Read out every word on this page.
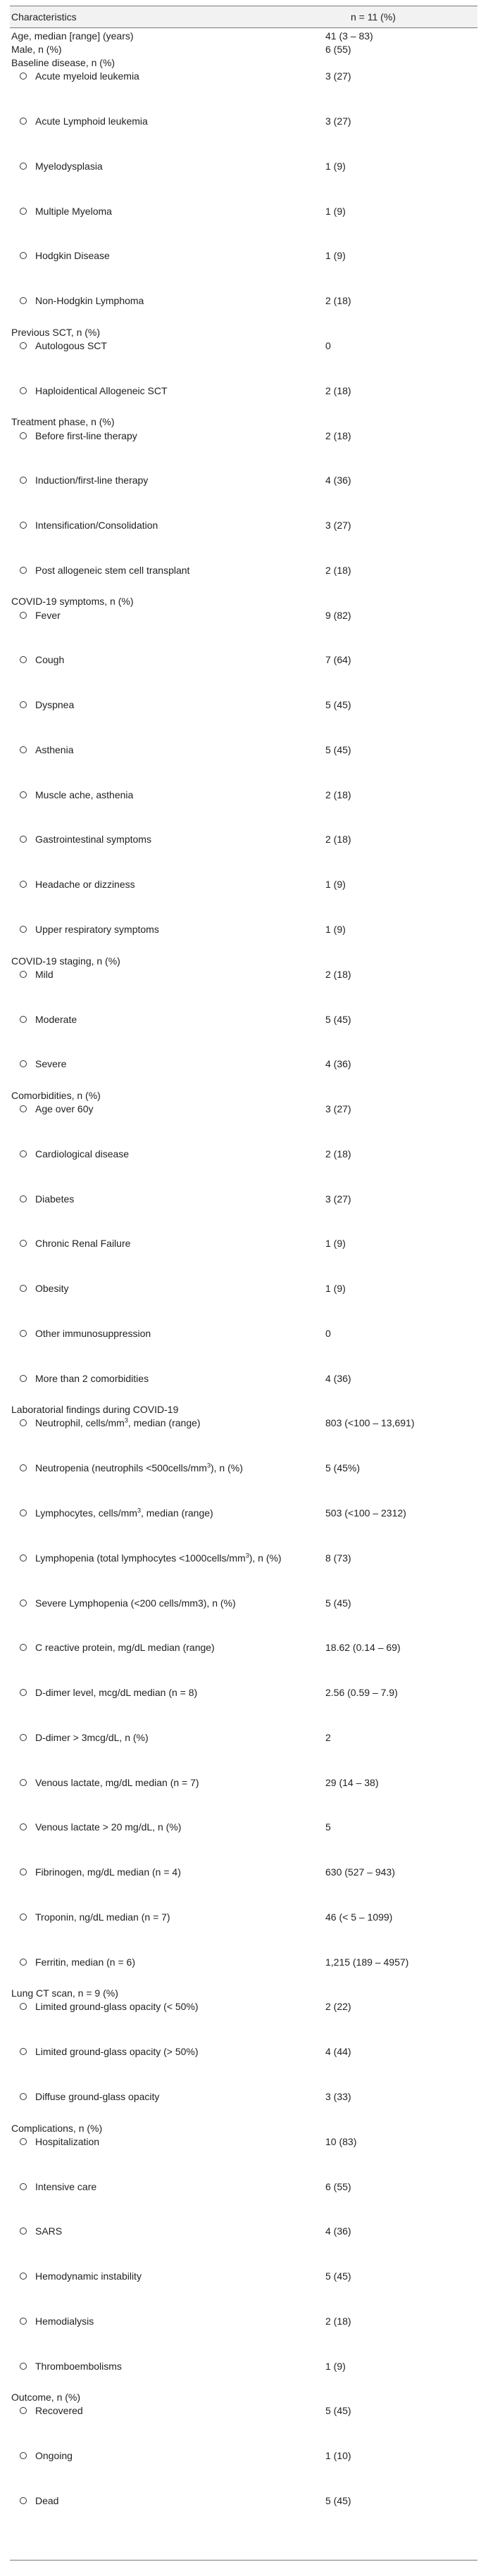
Characteristics	n = 11 (%)
Age, median [range] (years)	41 (3 – 83)
Male, n (%)	6 (55)
Baseline disease, n (%)
Acute myeloid leukemia	3 (27)
Acute Lymphoid leukemia	3 (27)
Myelodysplasia	1 (9)
Multiple Myeloma	1 (9)
Hodgkin Disease	1 (9)
Non-Hodgkin Lymphoma	2 (18)
Previous SCT, n (%)
Autologous SCT	0
Haploidentical Allogeneic SCT	2 (18)
Treatment phase, n (%)
Before first-line therapy	2 (18)
Induction/first-line therapy	4 (36)
Intensification/Consolidation	3 (27)
Post allogeneic stem cell transplant	2 (18)
COVID-19 symptoms, n (%)
Fever	9 (82)
Cough	7 (64)
Dyspnea	5 (45)
Asthenia	5 (45)
Muscle ache, asthenia	2 (18)
Gastrointestinal symptoms	2 (18)
Headache or dizziness	1 (9)
Upper respiratory symptoms	1 (9)
COVID-19 staging, n (%)
Mild	2 (18)
Moderate	5 (45)
Severe	4 (36)
Comorbidities, n (%)
Age over 60y	3 (27)
Cardiological disease	2 (18)
Diabetes	3 (27)
Chronic Renal Failure	1 (9)
Obesity	1 (9)
Other immunosuppression	0
More than 2 comorbidities	4 (36)
Laboratorial findings during COVID-19
Neutrophil, cells/$mm^3$, median (range)	803 (<100 – 13,691)
Neutropenia (neutrophils $<500cells/mm^3$), n (%)	5 (45%)
Lymphocytes, cells/$mm^3$, median (range)	503 (<100 – 2312)
Lymphopenia (total lymphocytes $<1000cells/mm^3$), n (%)	8 (73)
Severe Lymphopenia (<200 cells/mm3), n (%)	5 (45)
C reactive protein, mg/dL median (range)	18.62 (0.14 – 69)
D-dimer level, mcg/dL median (n = 8)	2.56 (0.59 – 7.9)
D-dimer > 3mcg/dL, n (%)	2
Venous lactate, mg/dL median (n = 7)	29 (14 – 38)
Venous lactate > 20 mg/dL, n (%)	5
Fibrinogen, mg/dL median (n = 4)	630 (527 – 943)
Troponin, ng/dL median (n = 7)	46 (< 5 – 1099)
Ferritin, median (n = 6)	1,215 (189 – 4957)
Lung CT scan, n = 9 (%)
Limited ground-glass opacity (< 50%)	2 (22)
Limited ground-glass opacity (> 50%)	4 (44)
Diffuse ground-glass opacity	3 (33)
Complications, n (%)
Hospitalization	10 (83)
Intensive care	6 (55)
SARS	4 (36)
Hemodynamic instability	5 (45)
Hemodialysis	2 (18)
Thromboembolisms	1 (9)
Outcome, n (%)
Recovered	5 (45)
Ongoing	1 (10)
Dead	5 (45)
